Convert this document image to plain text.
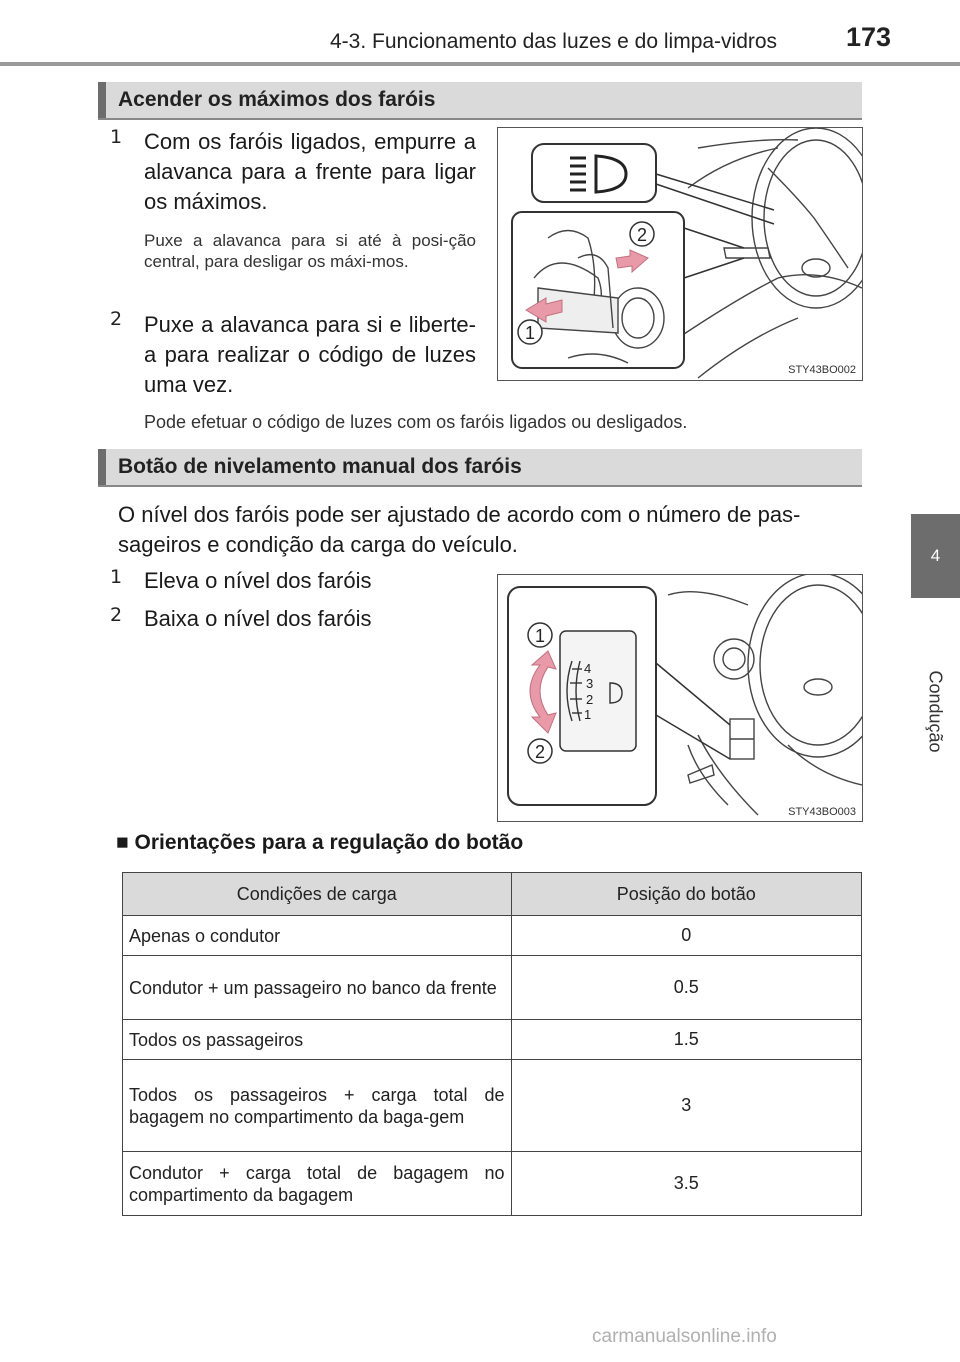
4-3. Funcionamento das luzes e do limpa-vidros	173
4
Condução
Acender os máximos dos faróis
1 Com os faróis ligados, empurre a alavanca para a frente para ligar os máximos.
Puxe a alavanca para si até à posi-ção central, para desligar os máxi-mos.
2 Puxe a alavanca para si e liberte-a para realizar o código de luzes uma vez.
Pode efetuar o código de luzes com os faróis ligados ou desligados.
2
1
STY43BO002
Botão de nivelamento manual dos faróis
O nível dos faróis pode ser ajustado de acordo com o número de pas-
sageiros e condição da carga do veículo.
1 Eleva o nível dos faróis
2 Baixa o nível dos faróis
4
3
2
1
1
2
STY43BO003
■ Orientações para a regulação do botão
Condições de carga	Posição do botão
Apenas o condutor	0
Condutor + um passageiro no banco da frente	0.5
Todos os passageiros	1.5
Todos os passageiros + carga total de bagagem no compartimento da baga-gem	3
Condutor + carga total de bagagem no compartimento da bagagem	3.5
carmanualsonline.info
